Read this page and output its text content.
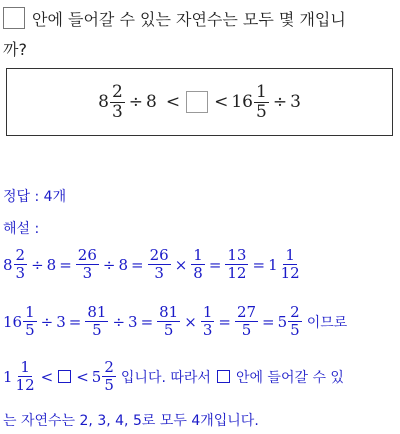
안에 들어갈 수 있는 자연수는 모두 몇 개입니
까?
$8 \frac{2}{3} \div 8$ < < $16 \frac{1}{5} \div 3$
정답 : 4개
해설 :
$8 \frac{2}{3} \div 8 = \frac{26}{3} \div 8 = \frac{26}{3} \times \frac{1}{8} = \frac{13}{12} = 1 \frac{1}{12}$
$16 \frac{1}{5} \div 3 = \frac{81}{5} \div 3 = \frac{81}{5} \times \frac{1}{3} = \frac{27}{5} = 5 \frac{2}{5}$ 이므로
$1 \frac{1}{12}$ < < $5 \frac{2}{5}$ 입니다. 따라서 안에 들어갈 수 있
는 자연수는 2, 3, 4, 5로 모두 4개입니다.
